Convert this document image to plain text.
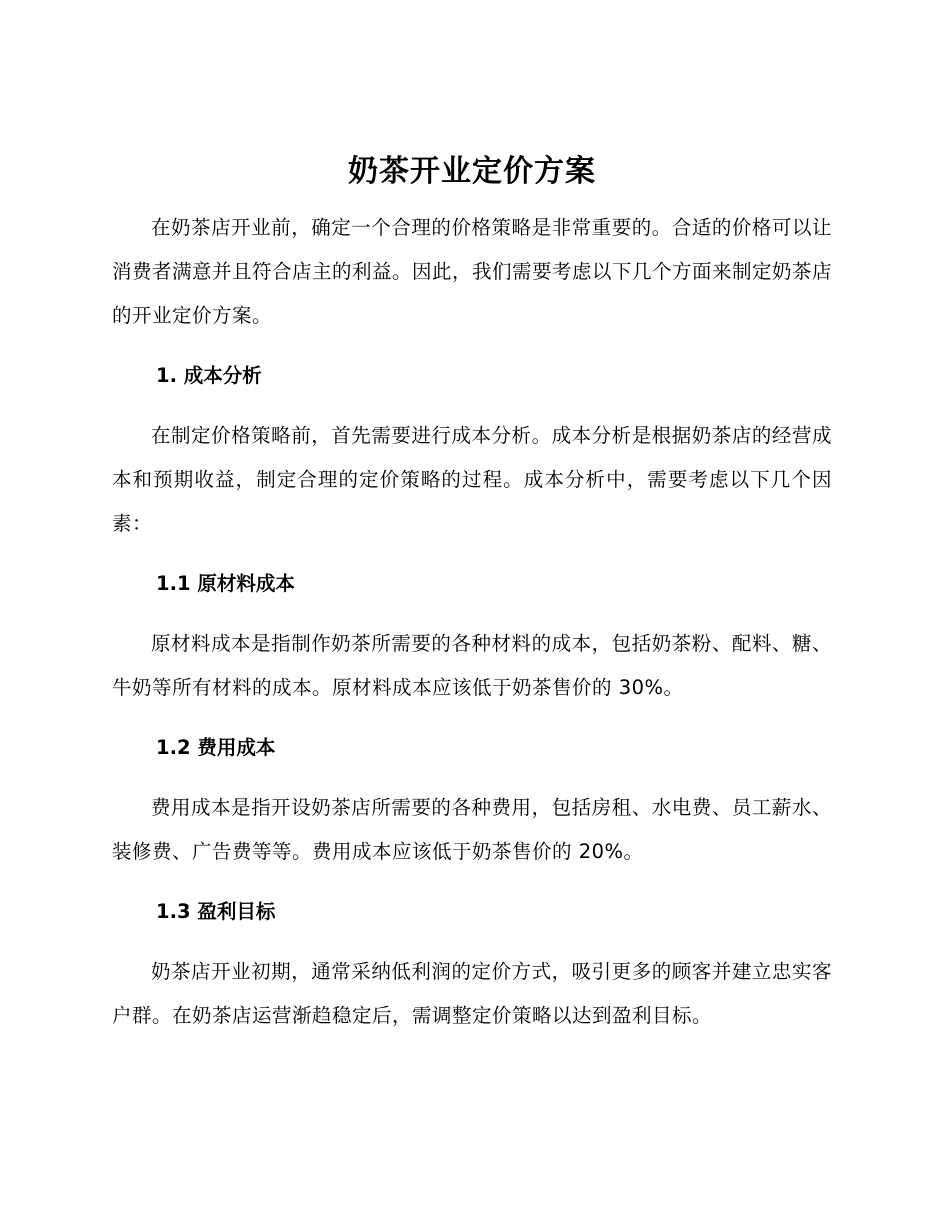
奶茶开业定价方案

在奶茶店开业前，确定一个合理的价格策略是非常重要的。合适的价格可以让消费者满意并且符合店主的利益。因此，我们需要考虑以下几个方面来制定奶茶店的开业定价方案。

1. 成本分析

在制定价格策略前，首先需要进行成本分析。成本分析是根据奶茶店的经营成本和预期收益，制定合理的定价策略的过程。成本分析中，需要考虑以下几个因素：

1.1 原材料成本

原材料成本是指制作奶茶所需要的各种材料的成本，包括奶茶粉、配料、糖、牛奶等所有材料的成本。原材料成本应该低于奶茶售价的 30%。

1.2 费用成本

费用成本是指开设奶茶店所需要的各种费用，包括房租、水电费、员工薪水、装修费、广告费等等。费用成本应该低于奶茶售价的 20%。

1.3 盈利目标

奶茶店开业初期，通常采纳低利润的定价方式，吸引更多的顾客并建立忠实客户群。在奶茶店运营渐趋稳定后，需调整定价策略以达到盈利目标。
